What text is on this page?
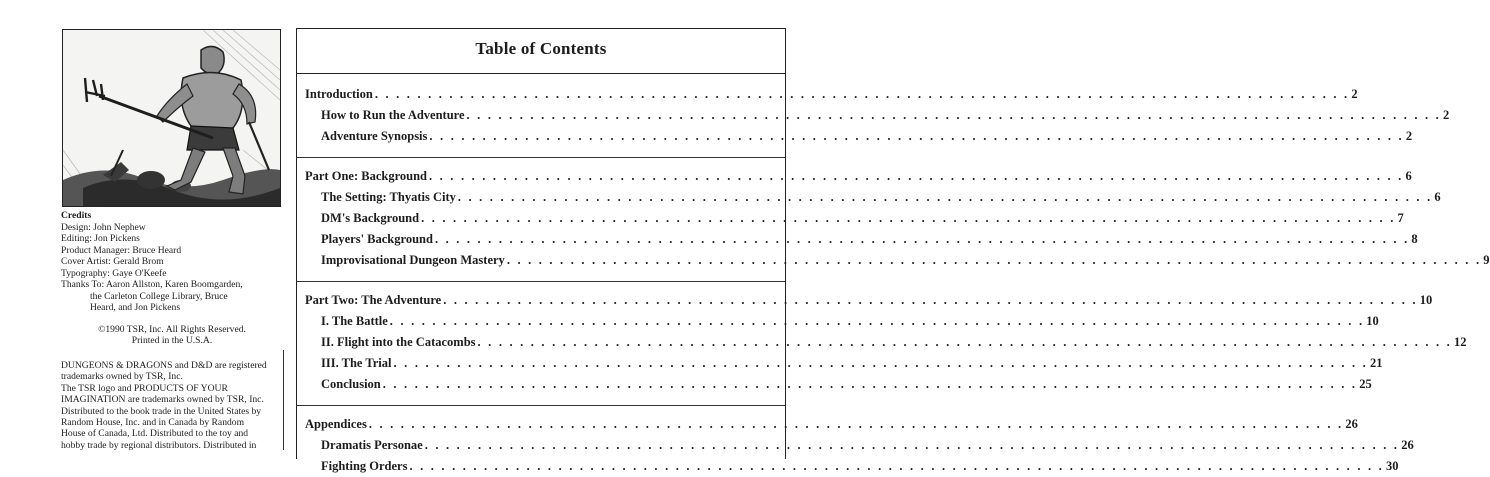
Credits
Design: John Nephew
Editing: Jon Pickens
Product Manager: Bruce Heard
Cover Artist: Gerald Brom
Typography: Gaye O'Keefe
Thanks To: Aaron Allston, Karen Boomgarden,
the Carleton College Library, Bruce
Heard, and Jon Pickens
©1990 TSR, Inc. All Rights Reserved.
Printed in the U.S.A.
DUNGEONS & DRAGONS and D&D are registered
trademarks owned by TSR, Inc.
The TSR logo and PRODUCTS OF YOUR
IMAGINATION are trademarks owned by TSR, Inc.
Distributed to the book trade in the United States by
Random House, Inc. and in Canada by Random
House of Canada, Ltd. Distributed to the toy and
hobby trade by regional distributors. Distributed in
Table of Contents
Introduction . . . . . . . . . . . . . . . . . . . . . . . . . . . . . . . . . . . . . . . . . . . . . . . . . . . . . . . . . . . . . . . . . . . . . . . . . . . . . . . . . . . . . . . . . . . . 2
How to Run the Adventure . . . . . . . . . . . . . . . . . . . . . . . . . . . . . . . . . . . . . . . . . . . . . . . . . . . . . . . . . . . . . . . . . . . . . . . . . . . . . . . . . . . . . . . . . . . . 2
Adventure Synopsis . . . . . . . . . . . . . . . . . . . . . . . . . . . . . . . . . . . . . . . . . . . . . . . . . . . . . . . . . . . . . . . . . . . . . . . . . . . . . . . . . . . . . . . . . . . . 2
Part One: Background . . . . . . . . . . . . . . . . . . . . . . . . . . . . . . . . . . . . . . . . . . . . . . . . . . . . . . . . . . . . . . . . . . . . . . . . . . . . . . . . . . . . . . . . . . . . 6
The Setting: Thyatis City . . . . . . . . . . . . . . . . . . . . . . . . . . . . . . . . . . . . . . . . . . . . . . . . . . . . . . . . . . . . . . . . . . . . . . . . . . . . . . . . . . . . . . . . . . . . 6
DM's Background . . . . . . . . . . . . . . . . . . . . . . . . . . . . . . . . . . . . . . . . . . . . . . . . . . . . . . . . . . . . . . . . . . . . . . . . . . . . . . . . . . . . . . . . . . . . 7
Players' Background . . . . . . . . . . . . . . . . . . . . . . . . . . . . . . . . . . . . . . . . . . . . . . . . . . . . . . . . . . . . . . . . . . . . . . . . . . . . . . . . . . . . . . . . . . . . 8
Improvisational Dungeon Mastery . . . . . . . . . . . . . . . . . . . . . . . . . . . . . . . . . . . . . . . . . . . . . . . . . . . . . . . . . . . . . . . . . . . . . . . . . . . . . . . . . . . . . . . . . . . . 9
Part Two: The Adventure . . . . . . . . . . . . . . . . . . . . . . . . . . . . . . . . . . . . . . . . . . . . . . . . . . . . . . . . . . . . . . . . . . . . . . . . . . . . . . . . . . . . . . . . . . . . 10
I. The Battle . . . . . . . . . . . . . . . . . . . . . . . . . . . . . . . . . . . . . . . . . . . . . . . . . . . . . . . . . . . . . . . . . . . . . . . . . . . . . . . . . . . . . . . . . . . . 10
II. Flight into the Catacombs . . . . . . . . . . . . . . . . . . . . . . . . . . . . . . . . . . . . . . . . . . . . . . . . . . . . . . . . . . . . . . . . . . . . . . . . . . . . . . . . . . . . . . . . . . . . 12
III. The Trial . . . . . . . . . . . . . . . . . . . . . . . . . . . . . . . . . . . . . . . . . . . . . . . . . . . . . . . . . . . . . . . . . . . . . . . . . . . . . . . . . . . . . . . . . . . . 21
Conclusion . . . . . . . . . . . . . . . . . . . . . . . . . . . . . . . . . . . . . . . . . . . . . . . . . . . . . . . . . . . . . . . . . . . . . . . . . . . . . . . . . . . . . . . . . . . . 25
Appendices . . . . . . . . . . . . . . . . . . . . . . . . . . . . . . . . . . . . . . . . . . . . . . . . . . . . . . . . . . . . . . . . . . . . . . . . . . . . . . . . . . . . . . . . . . . . 26
Dramatis Personae . . . . . . . . . . . . . . . . . . . . . . . . . . . . . . . . . . . . . . . . . . . . . . . . . . . . . . . . . . . . . . . . . . . . . . . . . . . . . . . . . . . . . . . . . . . . 26
Fighting Orders . . . . . . . . . . . . . . . . . . . . . . . . . . . . . . . . . . . . . . . . . . . . . . . . . . . . . . . . . . . . . . . . . . . . . . . . . . . . . . . . . . . . . . . . . . . . 30
